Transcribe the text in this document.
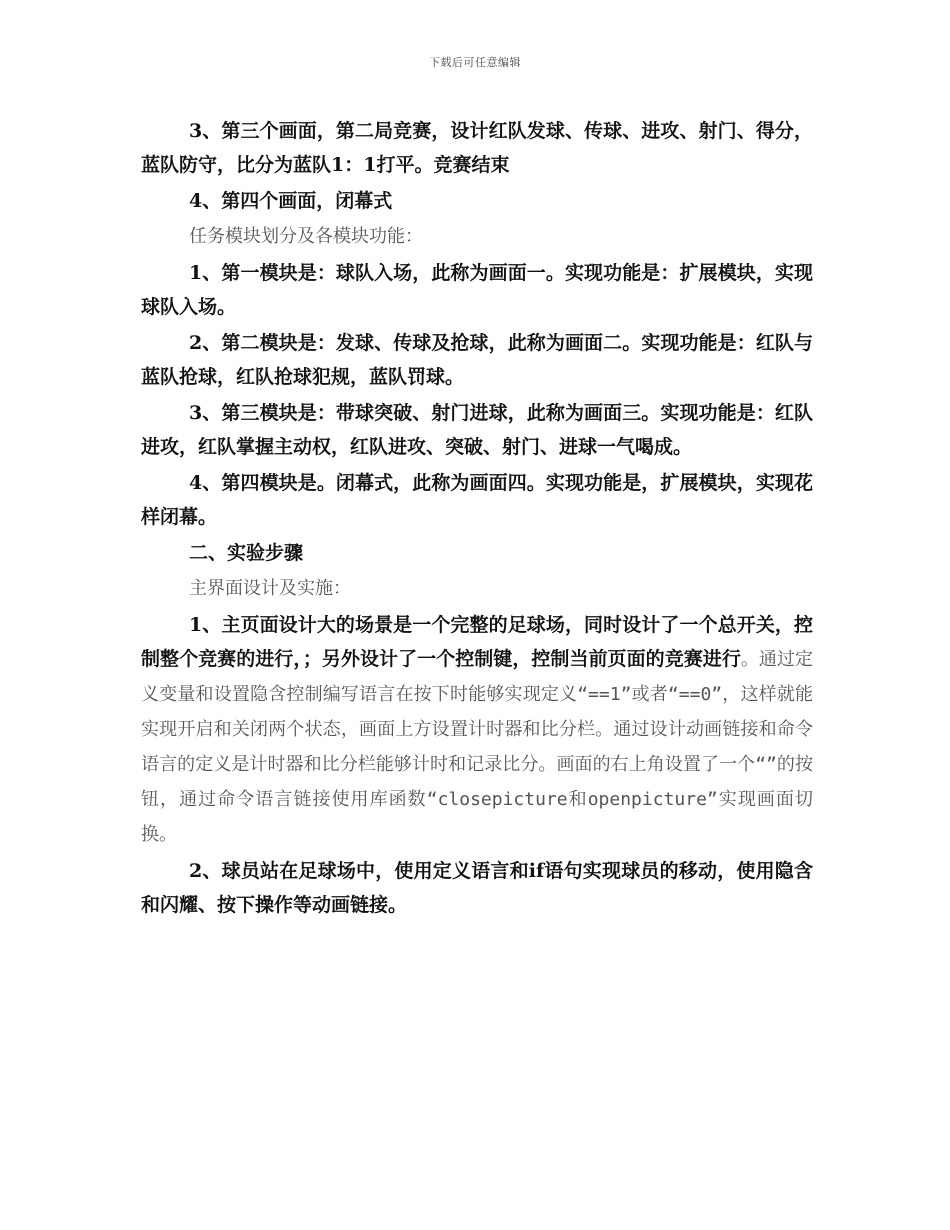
下载后可任意编辑

3、第三个画面，第二局竞赛，设计红队发球、传球、进攻、射门、得分，蓝队防守，比分为蓝队1：1打平。竞赛结束

4、第四个画面，闭幕式

任务模块划分及各模块功能：

1、第一模块是：球队入场，此称为画面一。实现功能是：扩展模块，实现球队入场。

2、第二模块是：发球、传球及抢球，此称为画面二。实现功能是：红队与蓝队抢球，红队抢球犯规，蓝队罚球。

3、第三模块是：带球突破、射门进球，此称为画面三。实现功能是：红队进攻，红队掌握主动权，红队进攻、突破、射门、进球一气喝成。

4、第四模块是。闭幕式，此称为画面四。实现功能是，扩展模块，实现花样闭幕。

二、实验步骤

主界面设计及实施：

1、主页面设计大的场景是一个完整的足球场，同时设计了一个总开关，控制整个竞赛的进行，；另外设计了一个控制键，控制当前页面的竞赛进行。通过定义变量和设置隐含控制编写语言在按下时能够实现定义“==1”或者“==0”，这样就能实现开启和关闭两个状态，画面上方设置计时器和比分栏。通过设计动画链接和命令语言的定义是计时器和比分栏能够计时和记录比分。画面的右上角设置了一个“”的按钮，通过命令语言链接使用库函数“closepicture和openpicture”实现画面切换。

2、球员站在足球场中，使用定义语言和if语句实现球员的移动，使用隐含和闪耀、按下操作等动画链接。
